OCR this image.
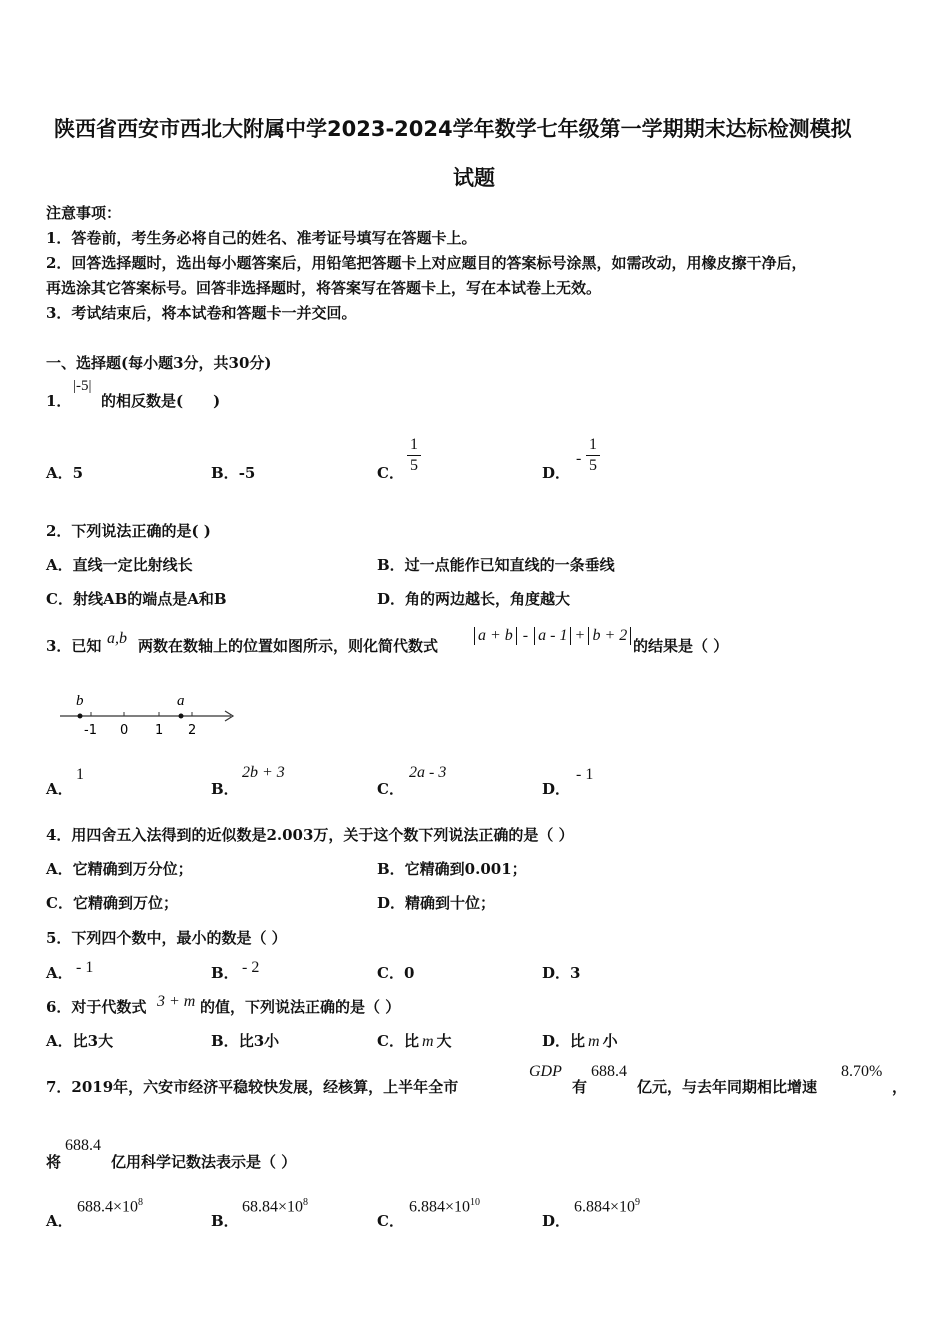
陕西省西安市西北大附属中学2023-2024学年数学七年级第一学期期末达标检测模拟
试题
注意事项：
1．答卷前，考生务必将自己的姓名、准考证号填写在答题卡上。
2．回答选择题时，选出每小题答案后，用铅笔把答题卡上对应题目的答案标号涂黑，如需改动，用橡皮擦干净后，
再选涂其它答案标号。回答非选择题时，将答案写在答题卡上，写在本试卷上无效。
3．考试结束后，将本试卷和答题卡一并交回。
一、选择题(每小题3分，共30分)
1．
|-5|
的相反数是(　　)
A．5	B．-5	C．
1
5	D．
-
1
5
2．下列说法正确的是( )
A．直线一定比射线长	B．过一点能作已知直线的一条垂线
C．射线AB的端点是A和B	D．角的两边越长，角度越大
3．已知 a,b 两数在数轴上的位置如图所示，则化简代数式
a + b - a - 1 + b + 2
的结果是（ ）
b	a
-1 0 1 2
A．
1
B．
2b + 3
C．
2a - 3
D．
- 1
4．用四舍五入法得到的近似数是2.003万，关于这个数下列说法正确的是（ ）
A．它精确到万分位；	B．它精确到0.001；
C．它精确到万位；	D．精确到十位；
5．下列四个数中，最小的数是（ ）
A． - 1	B． - 2	C．0	D．3
6．对于代数式 3 + m 的值，下列说法正确的是（ ）
A．比3大	B．比3小	C．比 m 大	D．比 m 小
7．2019年，六安市经济平稳较快发展，经核算，上半年全市
GDP
有
688.4
亿元，与去年同期相比增速
8.70%
，
将
688.4
亿用科学记数法表示是（ ）
A．
$688.4\times 10^8$
B．
$68.84\times 10^8$
C．
$6.884\times 10^{10}$
D．
$6.884\times 10^9$
